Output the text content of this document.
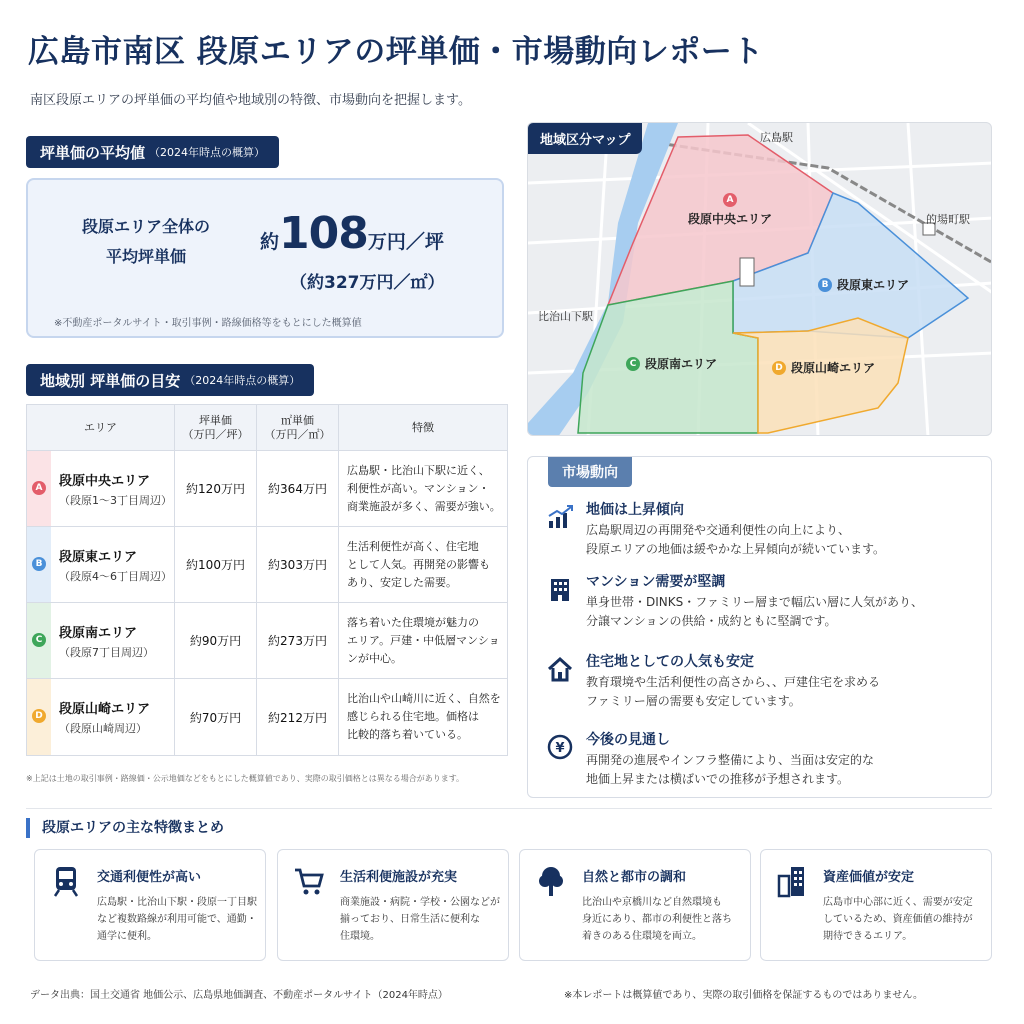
広島市南区 段原エリアの坪単価・市場動向レポート
南区段原エリアの坪単価の平均値や地域別の特徴、市場動向を把握します。
坪単価の平均値 （2024年時点の概算）
段原エリア全体の
平均坪単価
約108万円／坪
（約327万円／㎡）
※不動産ポータルサイト・取引事例・路線価格等をもとにした概算値
地域別 坪単価の目安 （2024年時点の概算）
エリア
坪単価
（万円／坪）
㎡単価
（万円／㎡）
特徴
A 段原中央エリア
（段原1〜3丁目周辺）
約120万円	約364万円
広島駅・比治山下駅に近く、
利便性が高い。マンション・
商業施設が多く、需要が強い。
B 段原東エリア
（段原4〜6丁目周辺）
約100万円	約303万円
生活利便性が高く、住宅地
として人気。再開発の影響も
あり、安定した需要。
C 段原南エリア
（段原7丁目周辺）
約90万円	約273万円
落ち着いた住環境が魅力の
エリア。戸建・中低層マンショ
ンが中心。
D 段原山崎エリア
（段原山崎周辺）
約70万円	約212万円
比治山や山崎川に近く、自然を
感じられる住宅地。価格は
比較的落ち着いている。
※上記は土地の取引事例・路線価・公示地価などをもとにした概算値であり、実際の取引価格とは異なる場合があります。
地域区分マップ	広島駅
的場町駅
比治山下駅
A
段原中央エリア
B 段原東エリア
C 段原南エリア	D 段原山崎エリア
市場動向
地価は上昇傾向
広島駅周辺の再開発や交通利便性の向上により、
段原エリアの地価は緩やかな上昇傾向が続いています。
マンション需要が堅調
単身世帯・DINKS・ファミリー層まで幅広い層に人気があり、
分譲マンションの供給・成約ともに堅調です。
住宅地としての人気も安定
教育環境や生活利便性の高さから、、戸建住宅を求める
ファミリー層の需要も安定しています。
¥
今後の見通し
再開発の進展やインフラ整備により、当面は安定的な
地価上昇または横ばいでの推移が予想されます。
段原エリアの主な特徴まとめ
交通利便性が高い
広島駅・比治山下駅・段原一丁目駅
など複数路線が利用可能で、通勤・
通学に便利。
生活利便施設が充実
商業施設・病院・学校・公園などが
揃っており、日常生活に便利な
住環境。
自然と都市の調和
比治山や京橋川など自然環境も
身近にあり、都市の利便性と落ち
着きのある住環境を両立。
資産価値が安定
広島市中心部に近く、需要が安定
しているため、資産価値の維持が
期待できるエリア。
データ出典：国土交通省 地価公示、広島県地価調査、不動産ポータルサイト（2024年時点）	※本レポートは概算値であり、実際の取引価格を保証するものではありません。
